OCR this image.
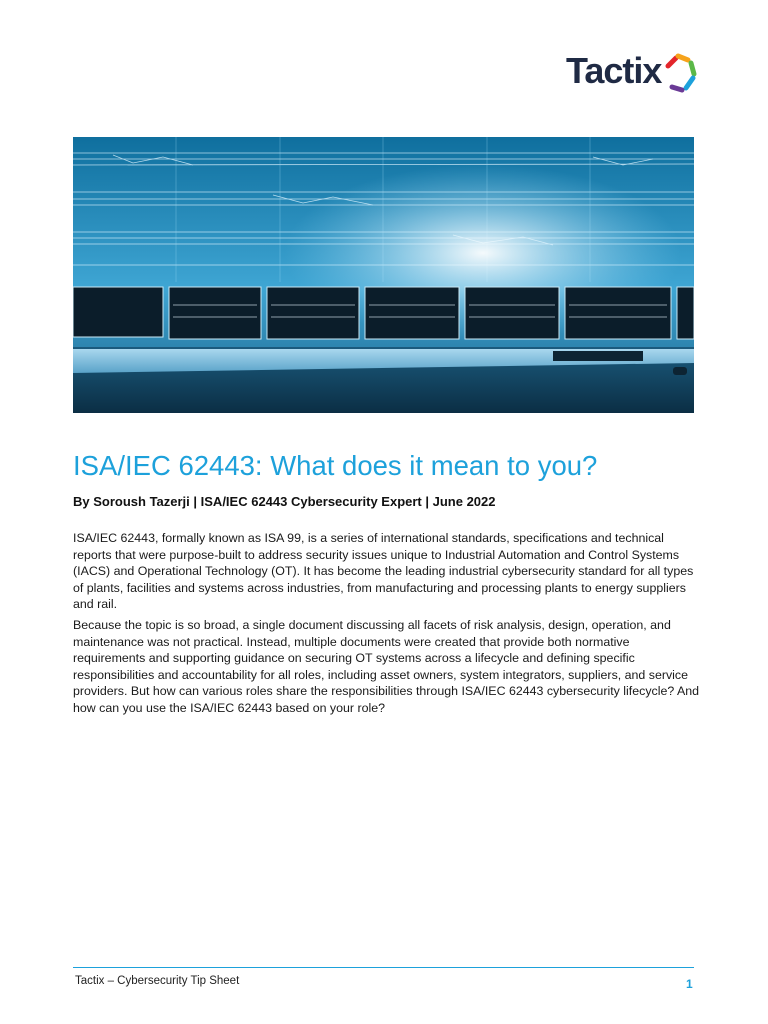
Tactix
ISA/IEC 62443: What does it mean to you?

By Soroush Tazerji | ISA/IEC 62443 Cybersecurity Expert | June 2022

ISA/IEC 62443, formally known as ISA 99, is a series of international standards, specifications and technical reports that were purpose-built to address security issues unique to Industrial Automation and Control Systems (IACS) and Operational Technology (OT). It has become the leading industrial cybersecurity standard for all types of plants, facilities and systems across industries, from manufacturing and processing plants to energy suppliers and rail.

Because the topic is so broad, a single document discussing all facets of risk analysis, design, operation, and maintenance was not practical. Instead, multiple documents were created that provide both normative requirements and supporting guidance on securing OT systems across a lifecycle and defining specific responsibilities and accountability for all roles, including asset owners, system integrators, suppliers, and service providers. But how can various roles share the responsibilities through ISA/IEC 62443 cybersecurity lifecycle? And how can you use the ISA/IEC 62443 based on your role?

Tactix – Cybersecurity Tip Sheet	1
